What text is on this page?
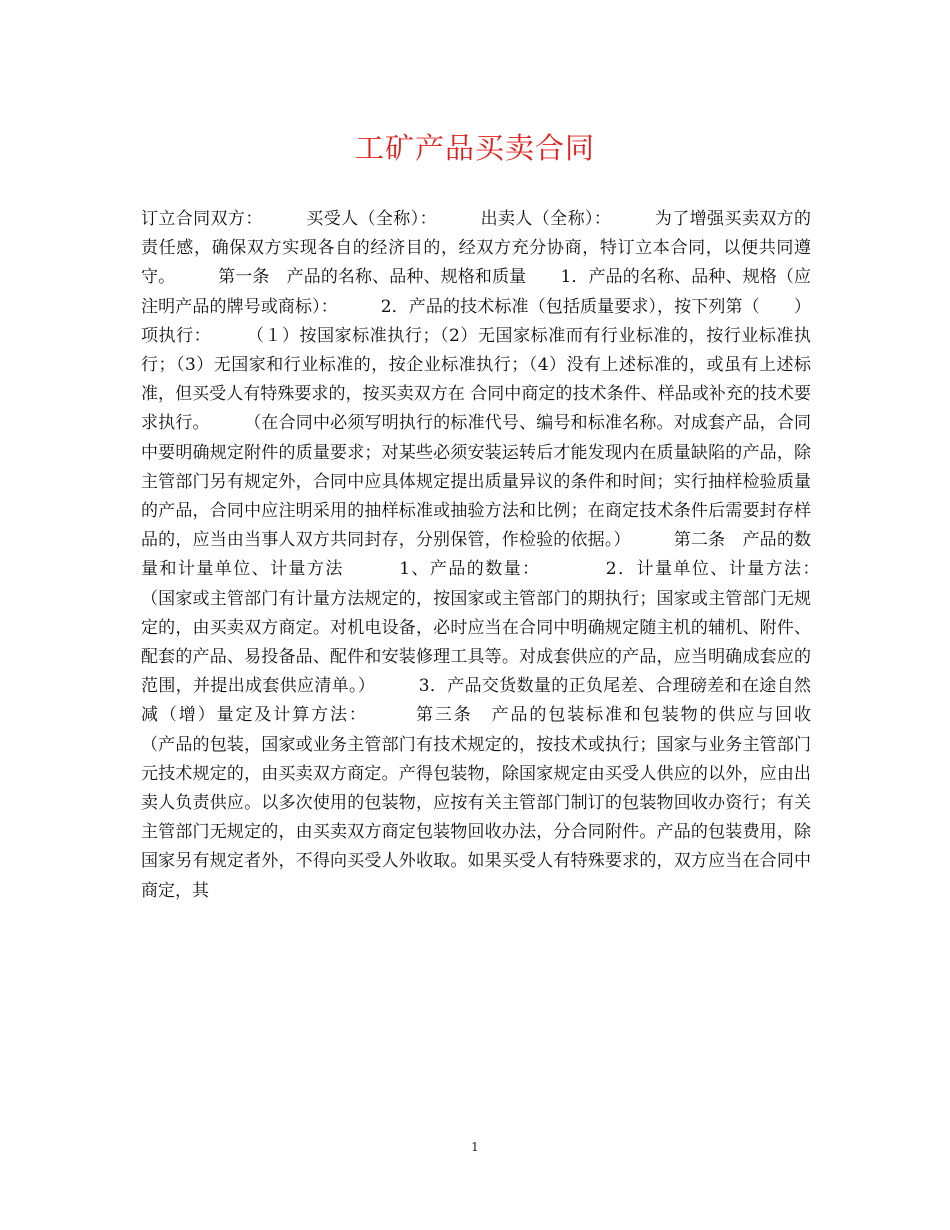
工矿产品买卖合同

订立合同双方：　　　买受人（全称）：　　　出卖人（全称）：　　　为了增强买卖双方的责任感，确保双方实现各自的经济目的，经双方充分协商，特订立本合同，以便共同遵守。　　　第一条　产品的名称、品种、规格和质量　　1．产品的名称、品种、规格（应注明产品的牌号或商标）：　　　2．产品的技术标准（包括质量要求），按下列第（　　）项执行：　　　（１）按国家标准执行；（2）无国家标准而有行业标准的，按行业标准执行；（3）无国家和行业标准的，按企业标准执行；（4）没有上述标准的，或虽有上述标准，但买受人有特殊要求的，按买卖双方在 合同中商定的技术条件、样品或补充的技术要求执行。　　　（在合同中必须写明执行的标准代号、编号和标准名称。对成套产品，合同中要明确规定附件的质量要求；对某些必须安装运转后才能发现内在质量缺陷的产品，除主管部门另有规定外，合同中应具体规定提出质量异议的条件和时间；实行抽样检验质量的产品，合同中应注明采用的抽样标准或抽验方法和比例；在商定技术条件后需要封存样品的，应当由当事人双方共同封存，分别保管，作检验的依据。）　　　第二条　产品的数量和计量单位、计量方法　　　1、产品的数量：　　　　2．计量单位、计量方法：　　（国家或主管部门有计量方法规定的，按国家或主管部门的期执行；国家或主管部门无规定的，由买卖双方商定。对机电设备，必时应当在合同中明确规定随主机的辅机、附件、配套的产品、易投备品、配件和安装修理工具等。对成套供应的产品，应当明确成套应的范围，并提出成套供应清单。）　　　3．产品交货数量的正负尾差、合理磅差和在途自然减（增）量定及计算方法：　　　第三条　产品的包装标准和包装物的供应与回收　　　（产品的包装，国家或业务主管部门有技术规定的，按技术或执行；国家与业务主管部门元技术规定的，由买卖双方商定。产得包装物，除国家规定由买受人供应的以外，应由出卖人负责供应。以多次使用的包装物，应按有关主管部门制订的包装物回收办资行；有关主管部门无规定的，由买卖双方商定包装物回收办法，分合同附件。产品的包装费用，除国家另有规定者外，不得向买受人外收取。如果买受人有特殊要求的，双方应当在合同中商定，其

1
